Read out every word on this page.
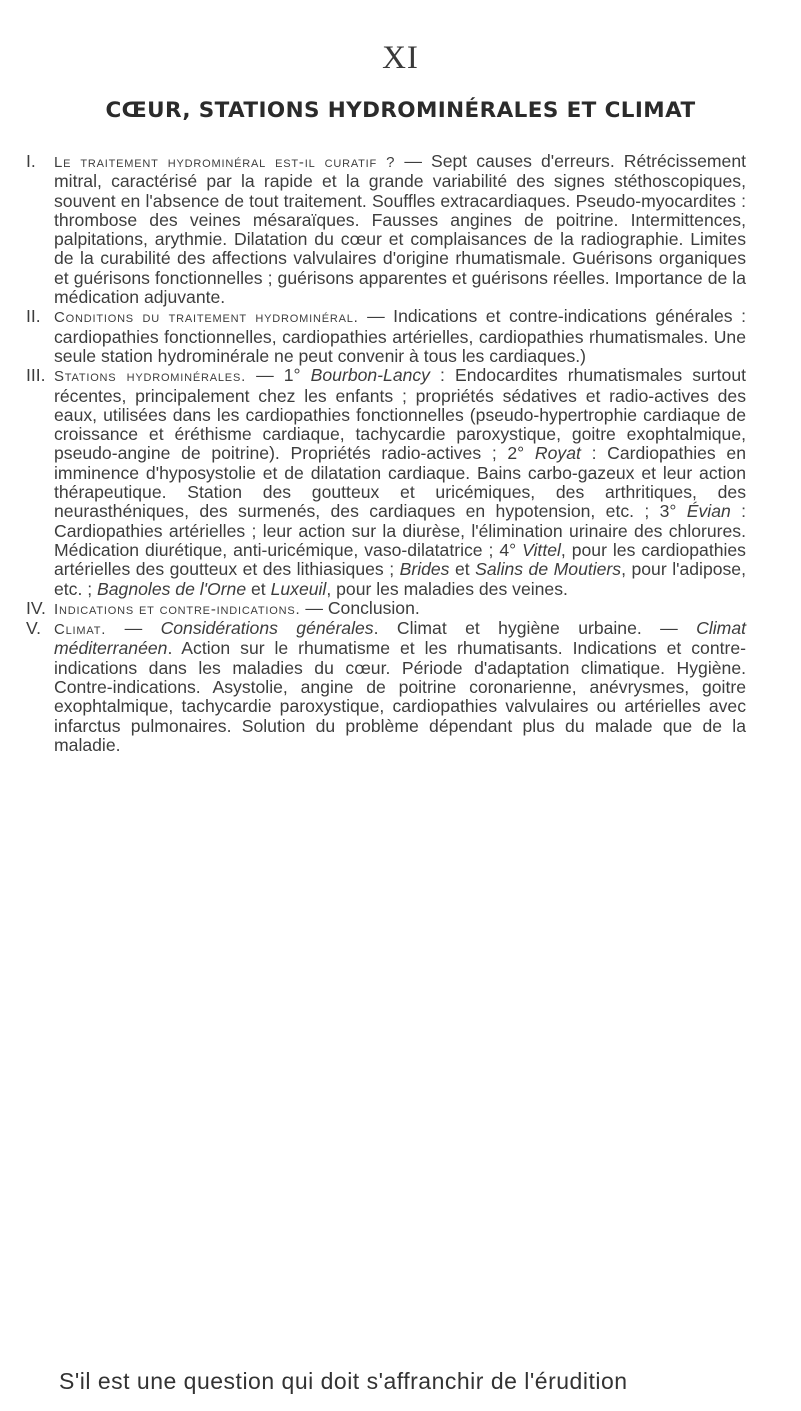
XI
CŒUR, STATIONS HYDROMINÉRALES ET CLIMAT

I. Le traitement hydrominéral est-il curatif ? — Sept causes d'erreurs. Rétrécissement mitral, caractérisé par la rapide et la grande variabilité des signes stéthoscopiques, souvent en l'absence de tout traitement. Souffles extracardiaques. Pseudo-myocardites : thrombose des veines mésaraïques. Fausses angines de poitrine. Intermittences, palpitations, arythmie. Dilatation du cœur et complaisances de la radiographie. Limites de la curabilité des affections valvulaires d'origine rhumatismale. Guérisons organiques et guérisons fonctionnelles ; guérisons apparentes et guérisons réelles. Importance de la médication adjuvante.

II. Conditions du traitement hydrominéral. — Indications et contre-indications générales : cardiopathies fonctionnelles, cardiopathies artérielles, cardiopathies rhumatismales. Une seule station hydrominérale ne peut convenir à tous les cardiaques.)

III. Stations hydrominérales. — 1° Bourbon-Lancy : Endocardites rhumatismales surtout récentes, principalement chez les enfants ; propriétés sédatives et radio-actives des eaux, utilisées dans les cardiopathies fonctionnelles (pseudo-hypertrophie cardiaque de croissance et éréthisme cardiaque, tachycardie paroxystique, goitre exophtalmique, pseudo-angine de poitrine). Propriétés radio-actives ; 2° Royat : Cardiopathies en imminence d'hyposystolie et de dilatation cardiaque. Bains carbo-gazeux et leur action thérapeutique. Station des goutteux et uricémiques, des arthritiques, des neurasthéniques, des surmenés, des cardiaques en hypotension, etc. ; 3° Évian : Cardiopathies artérielles ; leur action sur la diurèse, l'élimination urinaire des chlorures. Médication diurétique, anti-uricémique, vaso-dilatatrice ; 4° Vittel, pour les cardiopathies artérielles des goutteux et des lithiasiques ; Brides et Salins de Moutiers, pour l'adipose, etc. ; Bagnoles de l'Orne et Luxeuil, pour les maladies des veines.

IV. Indications et contre-indications. — Conclusion.

V. Climat. — Considérations générales. Climat et hygiène urbaine. — Climat méditerranéen. Action sur le rhumatisme et les rhumatisants. Indications et contre-indications dans les maladies du cœur. Période d'adaptation climatique. Hygiène. Contre-indications. Asystolie, angine de poitrine coronarienne, anévrysmes, goitre exophtalmique, tachycardie paroxystique, cardiopathies valvulaires ou artérielles avec infarctus pulmonaires. Solution du problème dépendant plus du malade que de la maladie.

S'il est une question qui doit s'affranchir de l'érudition
